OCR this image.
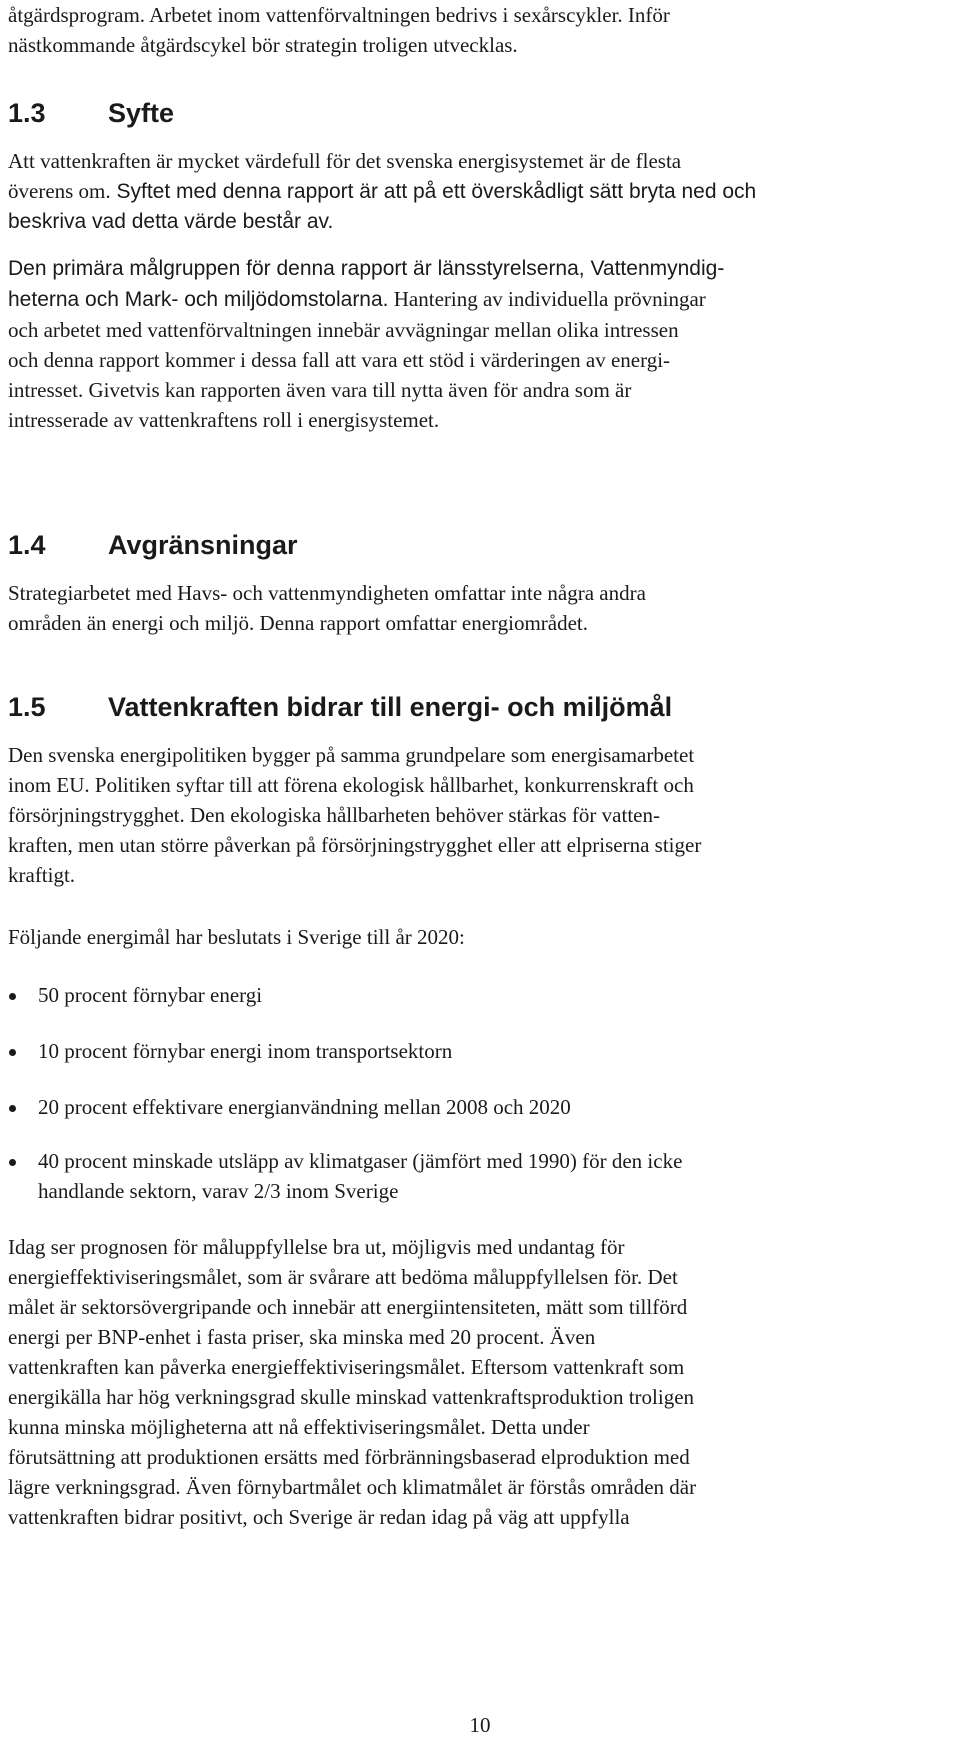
åtgärdsprogram. Arbetet inom vattenförvaltningen bedrivs i sexårscykler. Inför
nästkommande åtgärdscykel bör strategin troligen utvecklas.
1.3 Syfte
Att vattenkraften är mycket värdefull för det svenska energisystemet är de flesta
överens om. Syftet med denna rapport är att på ett överskådligt sätt bryta ned och
beskriva vad detta värde består av.
Den primära målgruppen för denna rapport är länsstyrelserna, Vattenmyndig-
heterna och Mark- och miljödomstolarna. Hantering av individuella prövningar
och arbetet med vattenförvaltningen innebär avvägningar mellan olika intressen
och denna rapport kommer i dessa fall att vara ett stöd i värderingen av energi-
intresset. Givetvis kan rapporten även vara till nytta även för andra som är
intresserade av vattenkraftens roll i energisystemet.
1.4 Avgränsningar
Strategiarbetet med Havs- och vattenmyndigheten omfattar inte några andra
områden än energi och miljö. Denna rapport omfattar energiområdet.
1.5 Vattenkraften bidrar till energi- och miljömål
Den svenska energipolitiken bygger på samma grundpelare som energisamarbetet
inom EU. Politiken syftar till att förena ekologisk hållbarhet, konkurrenskraft och
försörjningstrygghet. Den ekologiska hållbarheten behöver stärkas för vatten-
kraften, men utan större påverkan på försörjningstrygghet eller att elpriserna stiger
kraftigt.
Följande energimål har beslutats i Sverige till år 2020:
50 procent förnybar energi
10 procent förnybar energi inom transportsektorn
20 procent effektivare energianvändning mellan 2008 och 2020
40 procent minskade utsläpp av klimatgaser (jämfört med 1990) för den icke
handlande sektorn, varav 2/3 inom Sverige
Idag ser prognosen för måluppfyllelse bra ut, möjligvis med undantag för
energieffektiviseringsmålet, som är svårare att bedöma måluppfyllelsen för. Det
målet är sektorsövergripande och innebär att energiintensiteten, mätt som tillförd
energi per BNP-enhet i fasta priser, ska minska med 20 procent. Även
vattenkraften kan påverka energieffektiviseringsmålet. Eftersom vattenkraft som
energikälla har hög verkningsgrad skulle minskad vattenkraftsproduktion troligen
kunna minska möjligheterna att nå effektiviseringsmålet. Detta under
förutsättning att produktionen ersätts med förbränningsbaserad elproduktion med
lägre verkningsgrad. Även förnybartmålet och klimatmålet är förstås områden där
vattenkraften bidrar positivt, och Sverige är redan idag på väg att uppfylla
10
